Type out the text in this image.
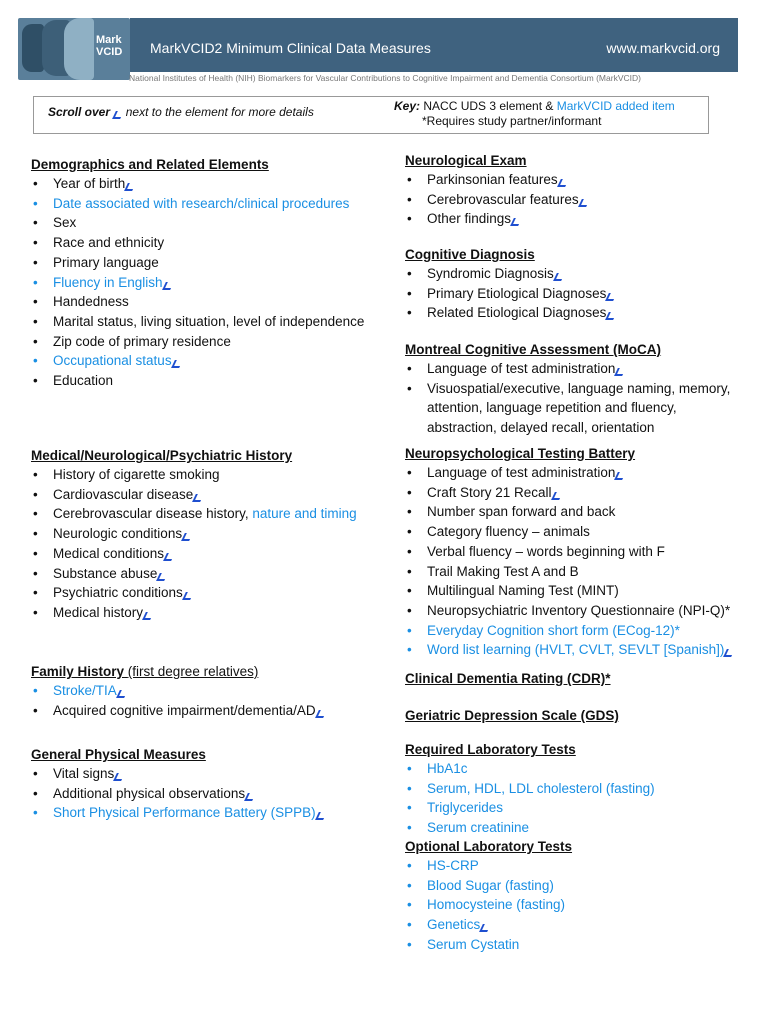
Mark
VCID MarkVCID2 Minimum Clinical Data Measures	www.markvcid.org
National Institutes of Health (NIH) Biomarkers for Vascular Contributions to Cognitive Impairment and Dementia Consortium (MarkVCID)
Scroll over next to the element for more details	Key: NACC UDS 3 element & MarkVCID added item
*Requires study partner/informant
Demographics and Related Elements
• Year of birth
• Date associated with research/clinical procedures
• Sex
• Race and ethnicity
• Primary language
• Fluency in English
• Handedness
• Marital status, living situation, level of independence
• Zip code of primary residence
• Occupational status
• Education
Medical/Neurological/Psychiatric History
• History of cigarette smoking
• Cardiovascular disease
• Cerebrovascular disease history, nature and timing
• Neurologic conditions
• Medical conditions
• Substance abuse
• Psychiatric conditions
• Medical history
Family History (first degree relatives)
• Stroke/TIA
• Acquired cognitive impairment/dementia/AD
General Physical Measures
• Vital signs
• Additional physical observations
• Short Physical Performance Battery (SPPB)
Neurological Exam
• Parkinsonian features
• Cerebrovascular features
• Other findings
Cognitive Diagnosis
• Syndromic Diagnosis
• Primary Etiological Diagnoses
• Related Etiological Diagnoses
Montreal Cognitive Assessment (MoCA)
• Language of test administration
• Visuospatial/executive, language naming, memory, attention, language repetition and fluency, abstraction, delayed recall, orientation
Neuropsychological Testing Battery
• Language of test administration
• Craft Story 21 Recall
• Number span forward and back
• Category fluency – animals
• Verbal fluency – words beginning with F
• Trail Making Test A and B
• Multilingual Naming Test (MINT)
• Neuropsychiatric Inventory Questionnaire (NPI-Q)*
• Everyday Cognition short form (ECog-12)*
• Word list learning (HVLT, CVLT, SEVLT [Spanish])
Clinical Dementia Rating (CDR)*
Geriatric Depression Scale (GDS)
Required Laboratory Tests
• HbA1c
• Serum, HDL, LDL cholesterol (fasting)
• Triglycerides
• Serum creatinine
Optional Laboratory Tests
• HS-CRP
• Blood Sugar (fasting)
• Homocysteine (fasting)
• Genetics
• Serum Cystatin
